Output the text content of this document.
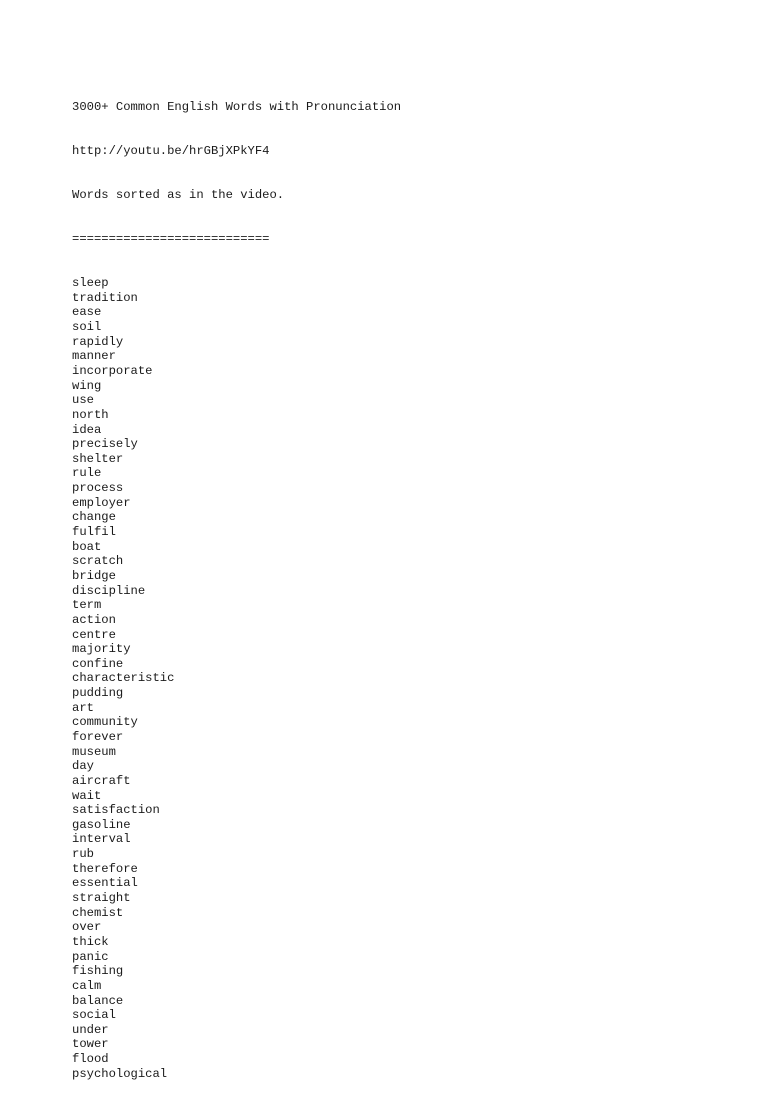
3000+ Common English Words with Pronunciation

http://youtu.be/hrGBjXPkYF4

Words sorted as in the video.

===========================

sleep
tradition
ease
soil
rapidly
manner
incorporate
wing
use
north
idea
precisely
shelter
rule
process
employer
change
fulfil
boat
scratch
bridge
discipline
term
action
centre
majority
confine
characteristic
pudding
art
community
forever
museum
day
aircraft
wait
satisfaction
gasoline
interval
rub
therefore
essential
straight
chemist
over
thick
panic
fishing
calm
balance
social
under
tower
flood
psychological
